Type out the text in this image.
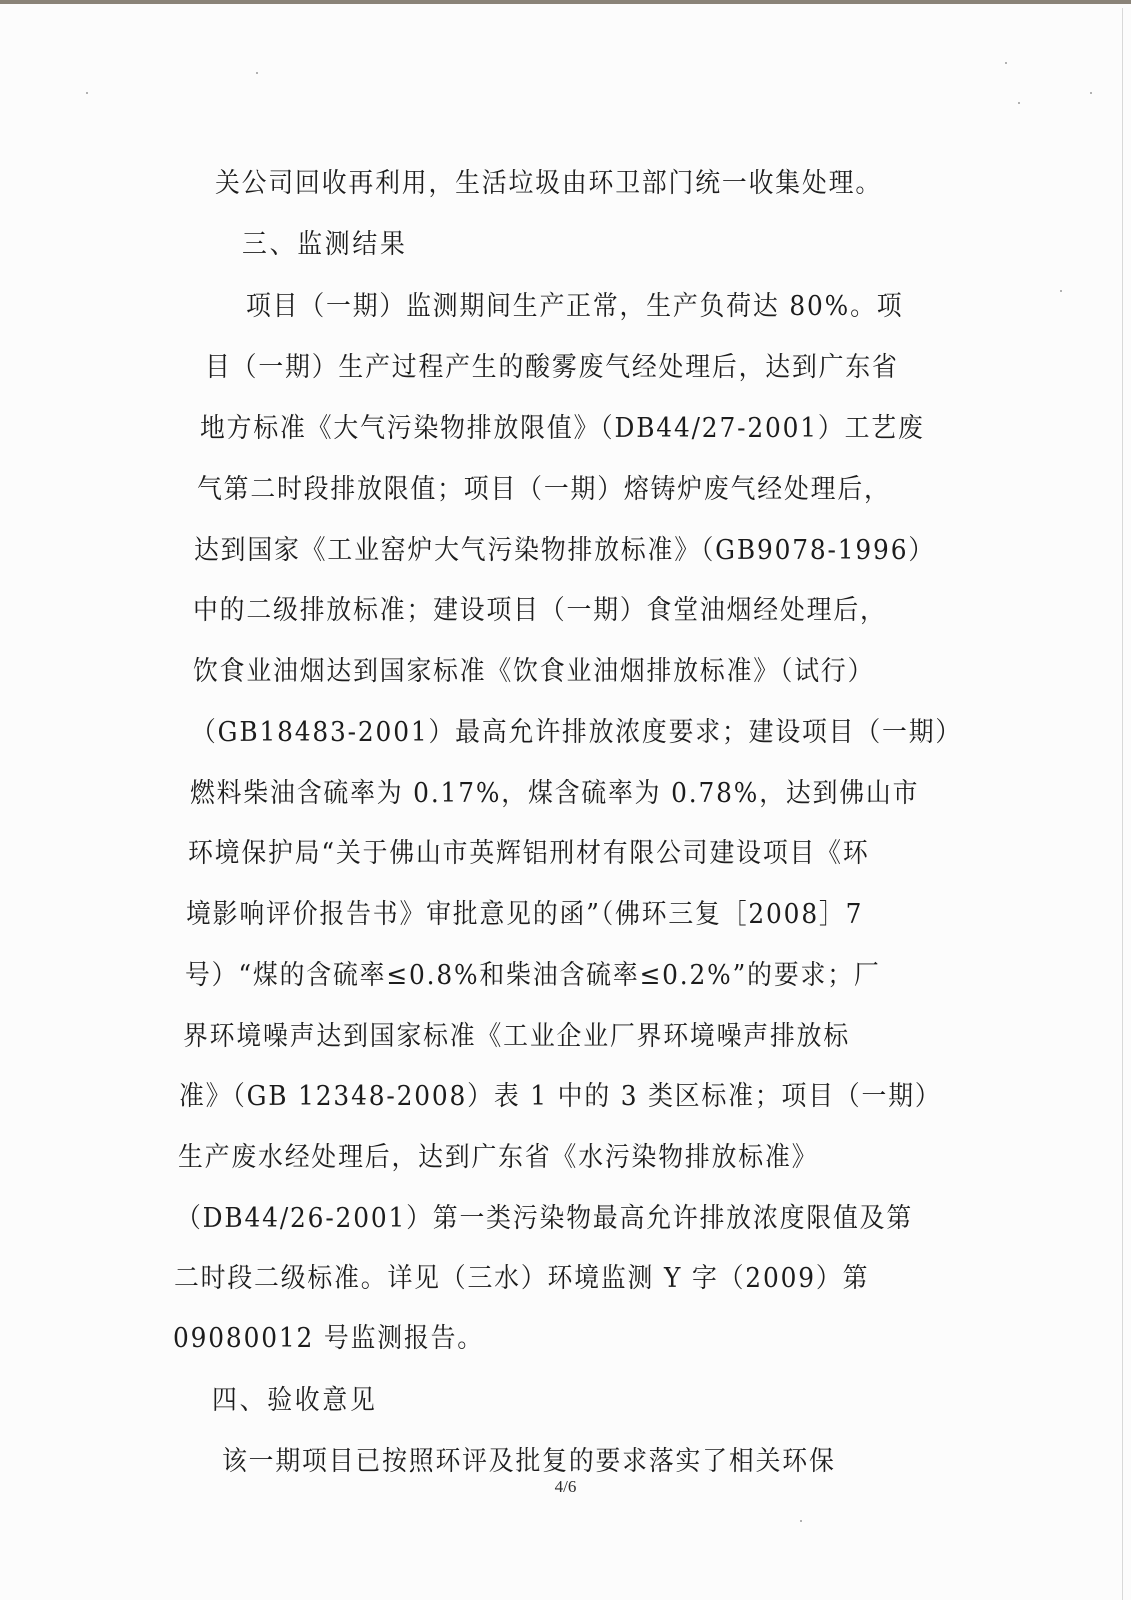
关公司回收再利用，生活垃圾由环卫部门统一收集处理。
三、监测结果
项目（一期）监测期间生产正常，生产负荷达 80%。项
目（一期）生产过程产生的酸雾废气经处理后，达到广东省
地方标准《大气污染物排放限值》（DB44/27-2001）工艺废
气第二时段排放限值；项目（一期）熔铸炉废气经处理后，
达到国家《工业窑炉大气污染物排放标准》（GB9078-1996）
中的二级排放标准；建设项目（一期）食堂油烟经处理后，
饮食业油烟达到国家标准《饮食业油烟排放标准》（试行）
（GB18483-2001）最高允许排放浓度要求；建设项目（一期）
燃料柴油含硫率为 0.17%，煤含硫率为 0.78%，达到佛山市
环境保护局“关于佛山市英辉铝刑材有限公司建设项目《环
境影响评价报告书》审批意见的函”（佛环三复［2008］7
号）“煤的含硫率≤0.8%和柴油含硫率≤0.2%”的要求；厂
界环境噪声达到国家标准《工业企业厂界环境噪声排放标
准》（GB 12348-2008）表 1 中的 3 类区标准；项目（一期）
生产废水经处理后，达到广东省《水污染物排放标准》
（DB44/26-2001）第一类污染物最高允许排放浓度限值及第
二时段二级标准。详见（三水）环境监测 Y 字（2009）第
09080012 号监测报告。
四、验收意见
该一期项目已按照环评及批复的要求落实了相关环保
4/6
